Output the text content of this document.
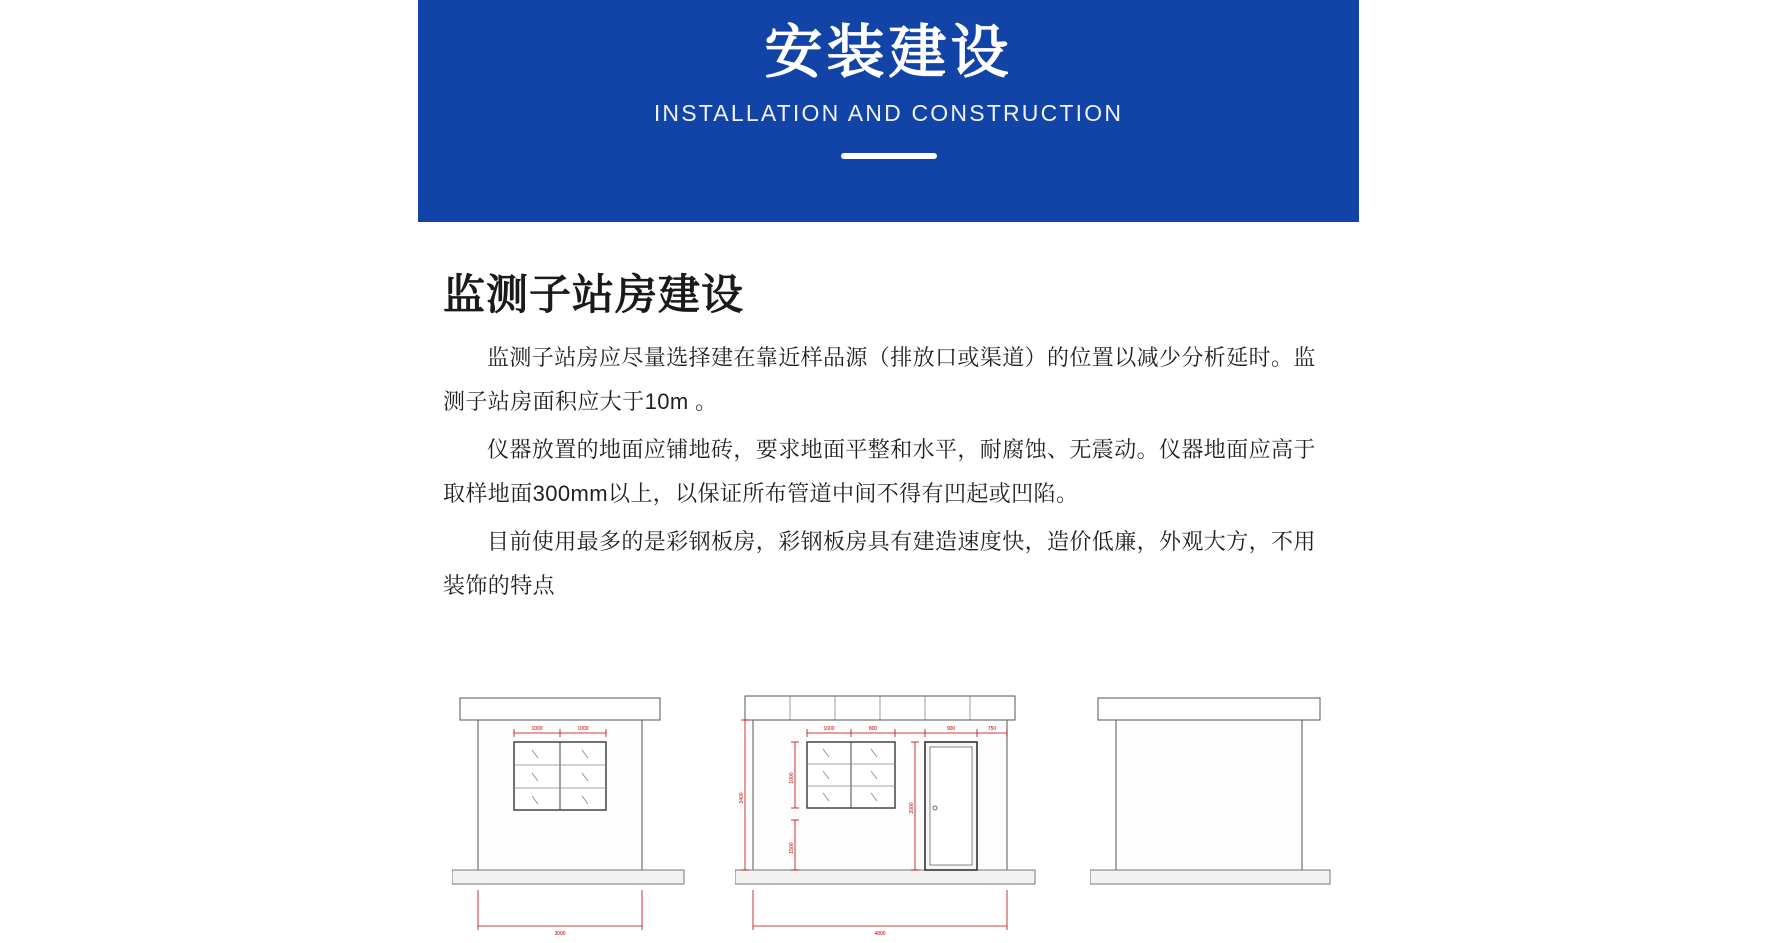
安装建设

INSTALLATION AND CONSTRUCTION

监测子站房建设

监测子站房应尽量选择建在靠近样品源（排放口或渠道）的位置以减少分析延时。监测子站房面积应大于10m 。

仪器放置的地面应铺地砖，要求地面平整和水平，耐腐蚀、无震动。仪器地面应高于取样地面300mm以上，以保证所布管道中间不得有凹起或凹陷。

目前使用最多的是彩钢板房，彩钢板房具有建造速度快，造价低廉，外观大方，不用装饰的特点

1000	1000
3000
1000	800	900	750
1000
1500
2000
3400
4800
